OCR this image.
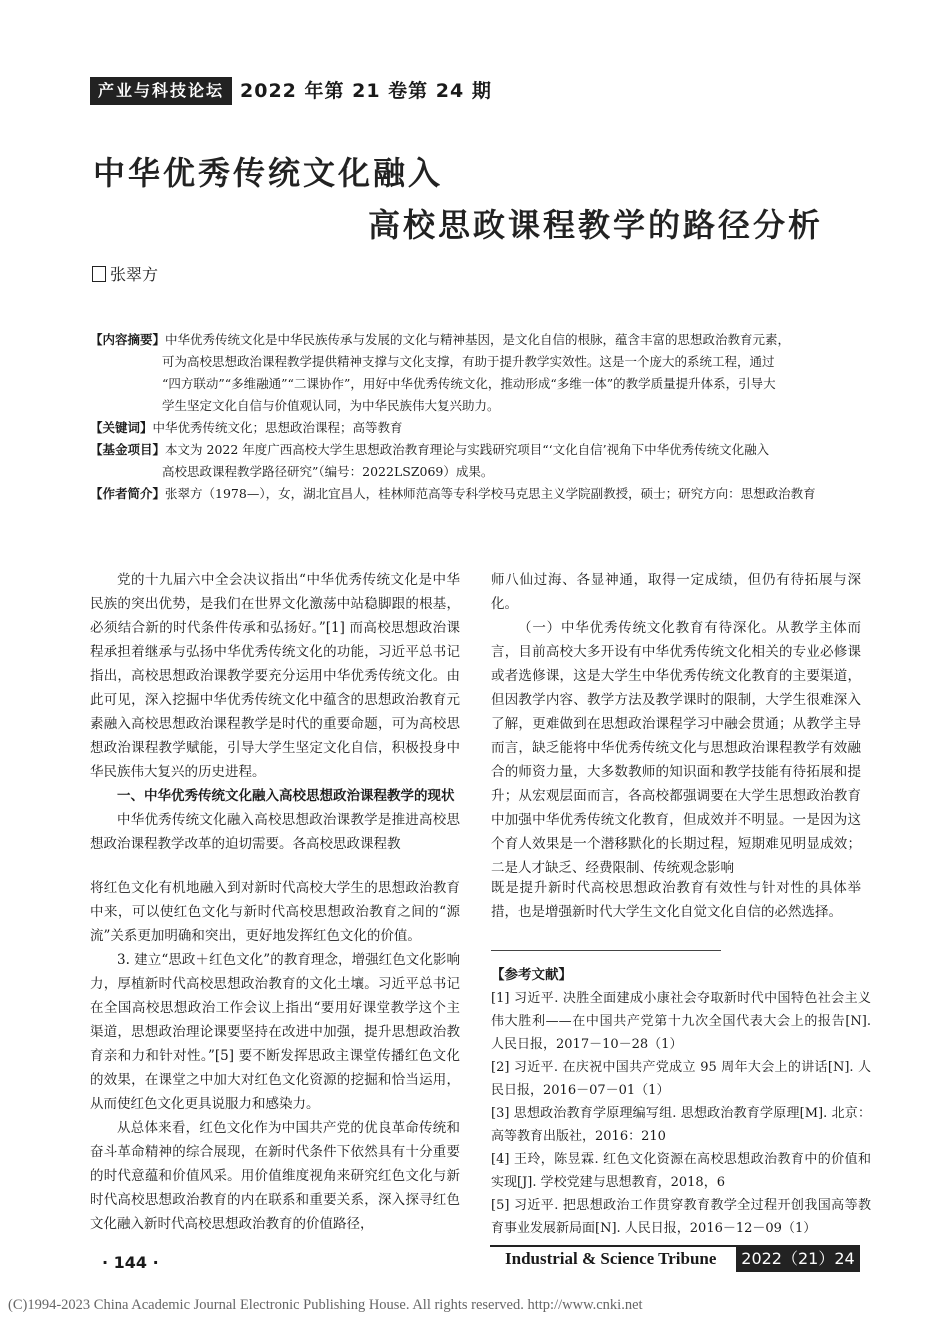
产业与科技论坛 2022 年第 21 卷第 24 期
中华优秀传统文化融入
高校思政课程教学的路径分析
张翠方
【内容摘要】中华优秀传统文化是中华民族传承与发展的文化与精神基因，是文化自信的根脉，蕴含丰富的思想政治教育元素，
可为高校思想政治课程教学提供精神支撑与文化支撑，有助于提升教学实效性。这是一个庞大的系统工程，通过
“四方联动”“多维融通”“二课协作”，用好中华优秀传统文化，推动形成“多维一体”的教学质量提升体系，引导大
学生坚定文化自信与价值观认同，为中华民族伟大复兴助力。
【关键词】中华优秀传统文化；思想政治课程；高等教育
【基金项目】本文为 2022 年度广西高校大学生思想政治教育理论与实践研究项目“‘文化自信’视角下中华优秀传统文化融入
高校思政课程教学路径研究”（编号：2022LSZ069）成果。
【作者简介】张翠方（1978—），女，湖北宜昌人，桂林师范高等专科学校马克思主义学院副教授，硕士；研究方向：思想政治教育

党的十九届六中全会决议指出“中华优秀传统文化是中华民族的突出优势，是我们在世界文化激荡中站稳脚跟的根基，必须结合新的时代条件传承和弘扬好。”[1] 而高校思想政治课程承担着继承与弘扬中华优秀传统文化的功能，习近平总书记指出，高校思想政治课教学要充分运用中华优秀传统文化。由此可见，深入挖掘中华优秀传统文化中蕴含的思想政治教育元素融入高校思想政治课程教学是时代的重要命题，可为高校思想政治课程教学赋能，引导大学生坚定文化自信，积极投身中华民族伟大复兴的历史进程。

一、中华优秀传统文化融入高校思想政治课程教学的现状

中华优秀传统文化融入高校思想政治课教学是推进高校思想政治课程教学改革的迫切需要。各高校思政课程教

师八仙过海、各显神通，取得一定成绩，但仍有待拓展与深化。

（一）中华优秀传统文化教育有待深化。从教学主体而言，目前高校大多开设有中华优秀传统文化相关的专业必修课或者选修课，这是大学生中华优秀传统文化教育的主要渠道，但因教学内容、教学方法及教学课时的限制，大学生很难深入了解，更难做到在思想政治课程学习中融会贯通；从教学主导而言，缺乏能将中华优秀传统文化与思想政治课程教学有效融合的师资力量，大多数教师的知识面和教学技能有待拓展和提升；从宏观层面而言，各高校都强调要在大学生思想政治教育中加强中华优秀传统文化教育，但成效并不明显。一是因为这个育人效果是一个潜移默化的长期过程，短期难见明显成效；二是人才缺乏、经费限制、传统观念影响

将红色文化有机地融入到对新时代高校大学生的思想政治教育中来，可以使红色文化与新时代高校思想政治教育之间的“源流”关系更加明确和突出，更好地发挥红色文化的价值。

3. 建立“思政＋红色文化”的教育理念，增强红色文化影响力，厚植新时代高校思想政治教育的文化土壤。习近平总书记在全国高校思想政治工作会议上指出“要用好课堂教学这个主渠道，思想政治理论课要坚持在改进中加强，提升思想政治教育亲和力和针对性。”[5] 要不断发挥思政主课堂传播红色文化的效果，在课堂之中加大对红色文化资源的挖掘和恰当运用，从而使红色文化更具说服力和感染力。

从总体来看，红色文化作为中国共产党的优良革命传统和奋斗革命精神的综合展现，在新时代条件下依然具有十分重要的时代意蕴和价值风采。用价值维度视角来研究红色文化与新时代高校思想政治教育的内在联系和重要关系，深入探寻红色文化融入新时代高校思想政治教育的价值路径，

既是提升新时代高校思想政治教育有效性与针对性的具体举措，也是增强新时代大学生文化自觉文化自信的必然选择。

【参考文献】
[1] 习近平. 决胜全面建成小康社会夺取新时代中国特色社会主义伟大胜利——在中国共产党第十九次全国代表大会上的报告[N]. 人民日报，2017－10－28（1）
[2] 习近平. 在庆祝中国共产党成立 95 周年大会上的讲话[N]. 人民日报，2016－07－01（1）
[3] 思想政治教育学原理编写组. 思想政治教育学原理[M]. 北京：高等教育出版社，2016：210
[4] 王玲，陈昱霖. 红色文化资源在高校思想政治教育中的价值和实现[J]. 学校党建与思想教育，2018，6
[5] 习近平. 把思想政治工作贯穿教育教学全过程开创我国高等教育事业发展新局面[N]. 人民日报，2016－12－09（1）
· 144 ·	Industrial & Science Tribune	2022（21）24
(C)1994-2023 China Academic Journal Electronic Publishing House. All rights reserved. http://www.cnki.net
